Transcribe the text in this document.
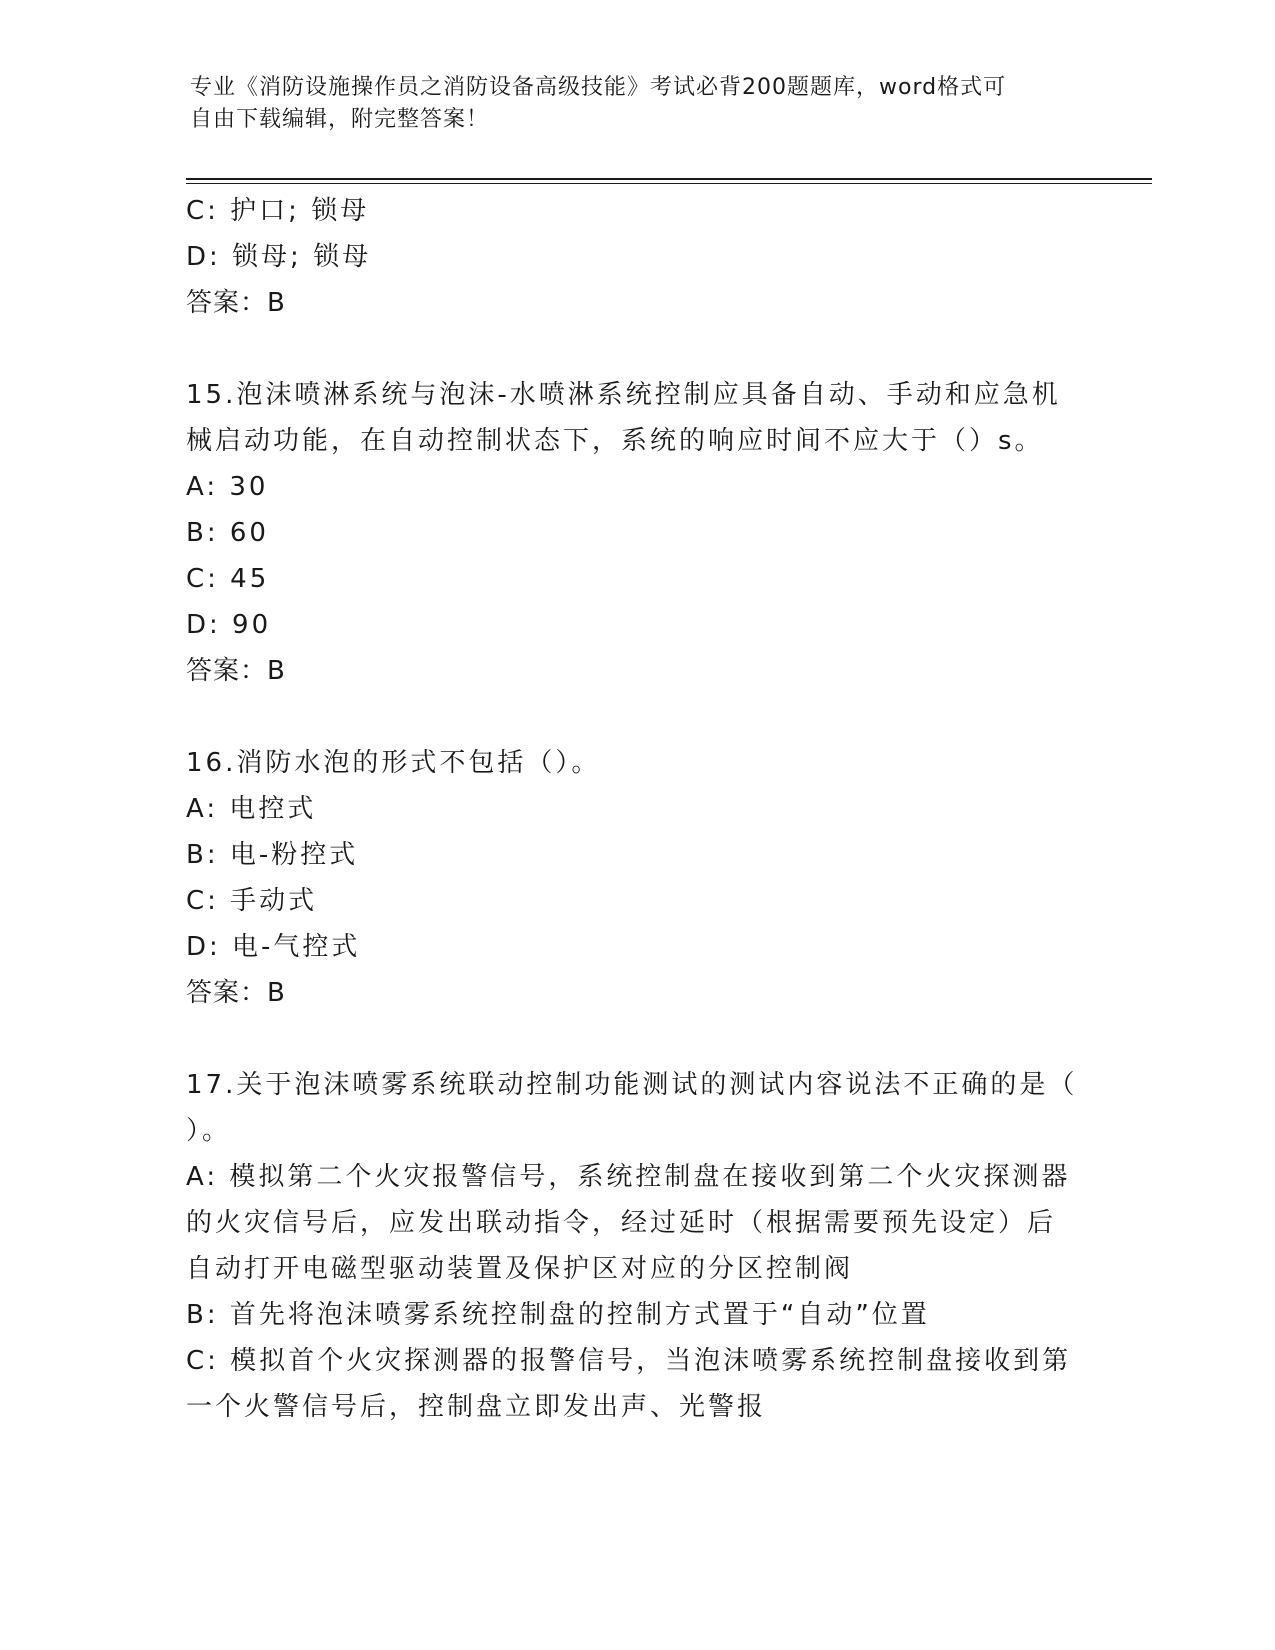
专业《消防设施操作员之消防设备高级技能》考试必背200题题库，word格式可
自由下载编辑，附完整答案！
C: 护口; 锁母
D: 锁母; 锁母
答案：B
15.泡沫喷淋系统与泡沫-水喷淋系统控制应具备自动、手动和应急机
械启动功能，在自动控制状态下，系统的响应时间不应大于（）s。
A: 30
B: 60
C: 45
D: 90
答案：B
16.消防水泡的形式不包括（）。
A: 电控式
B: 电-粉控式
C: 手动式
D: 电-气控式
答案：B
17.关于泡沫喷雾系统联动控制功能测试的测试内容说法不正确的是（
）。
A: 模拟第二个火灾报警信号，系统控制盘在接收到第二个火灾探测器
的火灾信号后，应发出联动指令，经过延时（根据需要预先设定）后
自动打开电磁型驱动装置及保护区对应的分区控制阀
B: 首先将泡沫喷雾系统控制盘的控制方式置于“自动”位置
C: 模拟首个火灾探测器的报警信号，当泡沫喷雾系统控制盘接收到第
一个火警信号后，控制盘立即发出声、光警报
